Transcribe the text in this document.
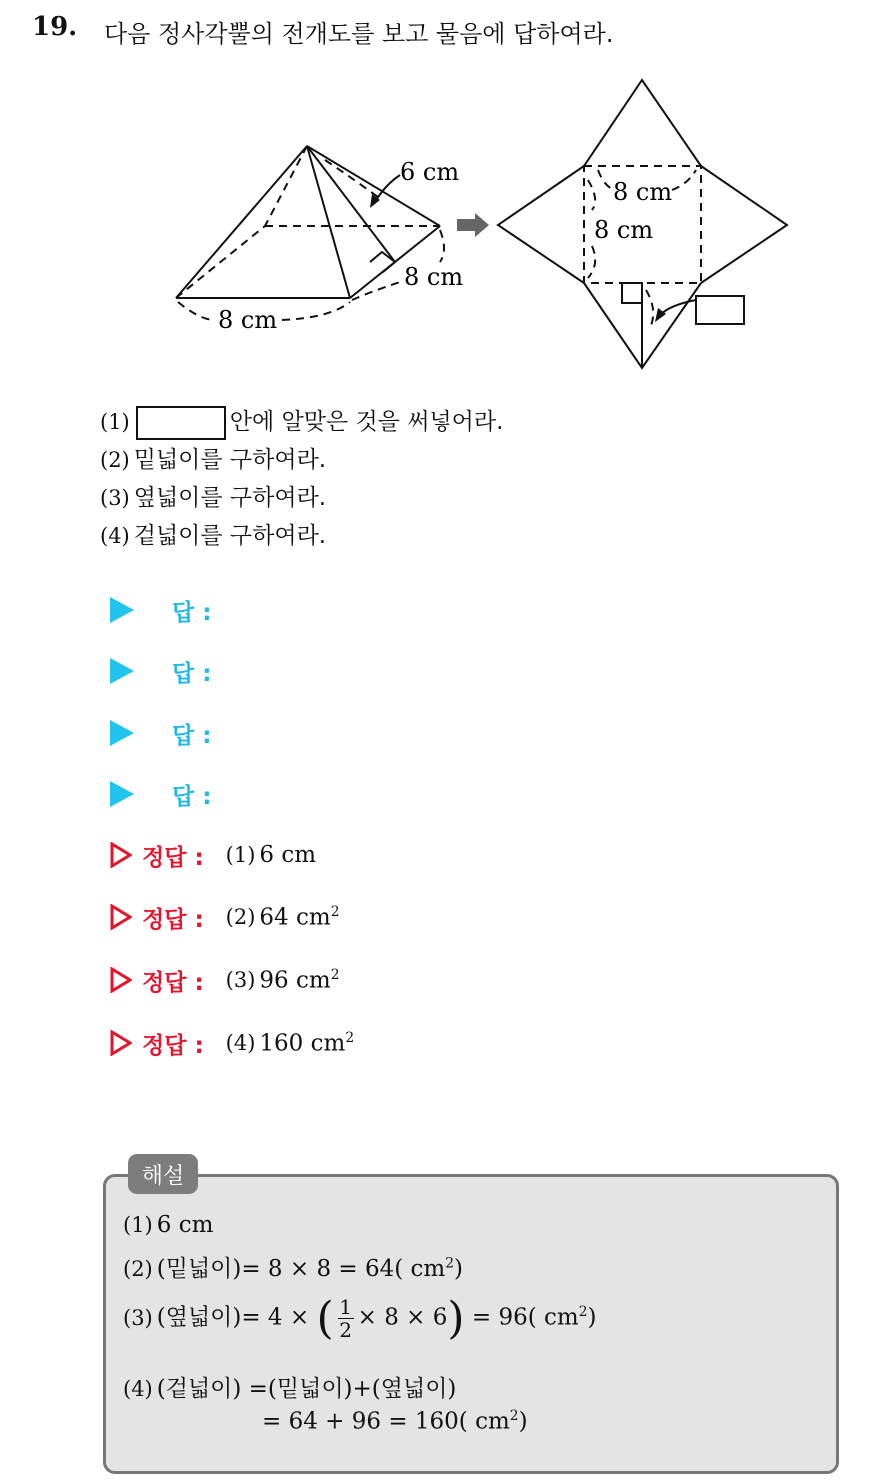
19. 다음 정사각뿔의 전개도를 보고 물음에 답하여라.
6 cm
8 cm
8 cm
8 cm
8 cm
(1)	안에 알맞은 것을 써넣어라.
(2) 밑넓이를 구하여라.
(3) 옆넓이를 구하여라.
(4) 겉넓이를 구하여라.
답 :
답 :
답 :
답 :
정답 : (1) 6 cm
정답 : (2) 64 $cm^2$
정답 : (3) 96 $cm^2$
정답 : (4) 160 $cm^2$
해설
(1) 6 cm
(2) (밑넓이)= 8 × 8 = 64( $cm^2$)
(3) (옆넓이)= 4 × ( $\frac{1}{2} \times 8 \times 6) = 96$( $cm^2$)
(4) (겉넓이) =(밑넓이)+(옆넓이)
= 64 + 96 = 160( $cm^2$)
